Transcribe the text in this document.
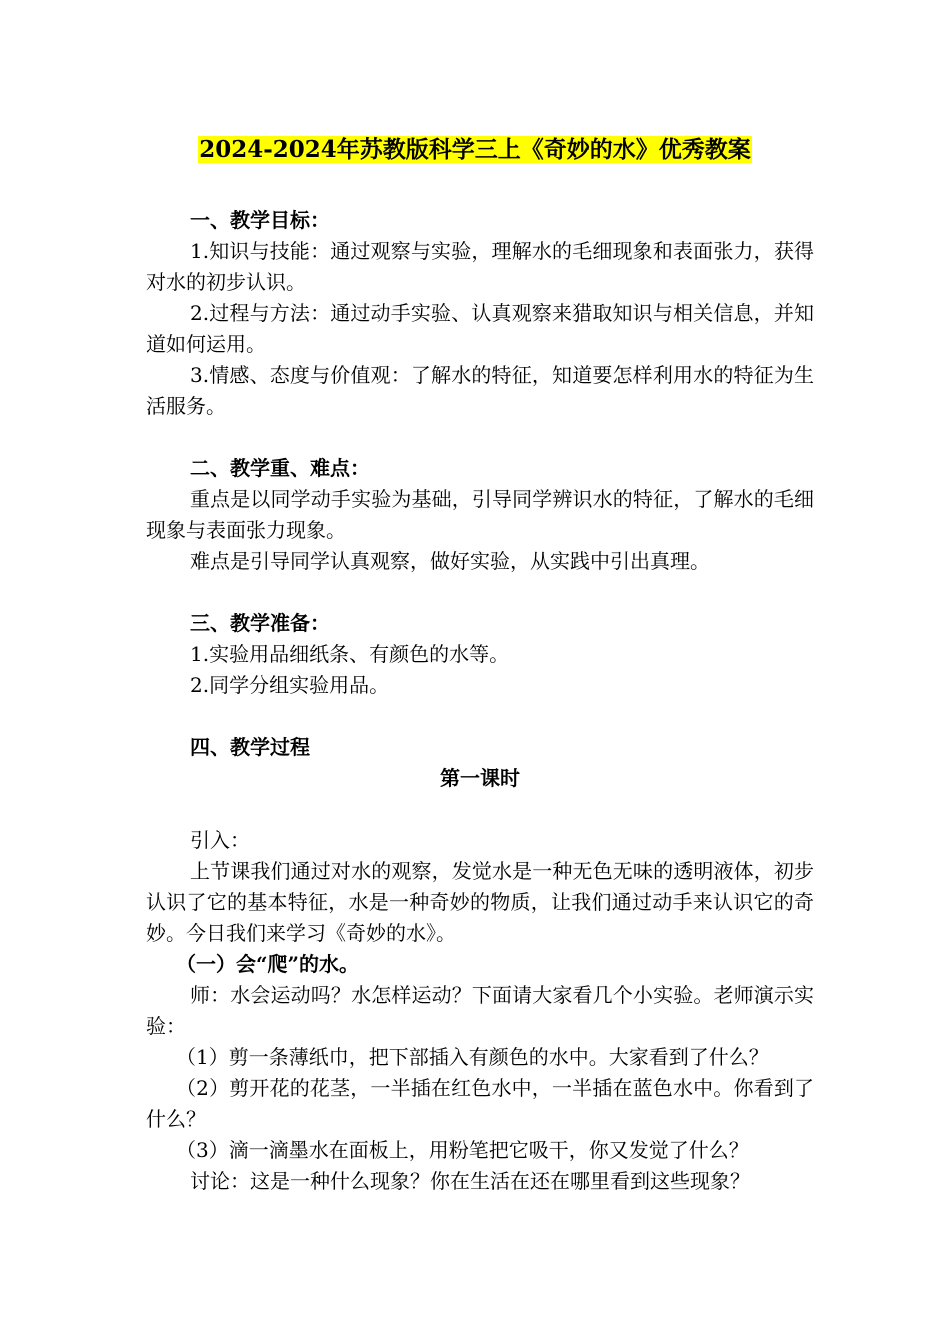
2024-2024年苏教版科学三上《奇妙的水》优秀教案

一、教学目标：

1.知识与技能：通过观察与实验，理解水的毛细现象和表面张力，获得对水的初步认识。

2.过程与方法：通过动手实验、认真观察来猎取知识与相关信息，并知道如何运用。

3.情感、态度与价值观：了解水的特征，知道要怎样利用水的特征为生活服务。

二、教学重、难点：

重点是以同学动手实验为基础，引导同学辨识水的特征，了解水的毛细现象与表面张力现象。

难点是引导同学认真观察，做好实验，从实践中引出真理。

三、教学准备：

1.实验用品细纸条、有颜色的水等。

2.同学分组实验用品。

四、教学过程

第一课时

引入：

上节课我们通过对水的观察，发觉水是一种无色无味的透明液体，初步认识了它的基本特征，水是一种奇妙的物质，让我们通过动手来认识它的奇妙。今日我们来学习《奇妙的水》。

（一）会“爬”的水。

师：水会运动吗？水怎样运动？下面请大家看几个小实验。老师演示实验：

（1）剪一条薄纸巾，把下部插入有颜色的水中。大家看到了什么？

（2）剪开花的花茎，一半插在红色水中，一半插在蓝色水中。你看到了什么？

（3）滴一滴墨水在面板上，用粉笔把它吸干，你又发觉了什么？

讨论：这是一种什么现象？你在生活在还在哪里看到这些现象？
